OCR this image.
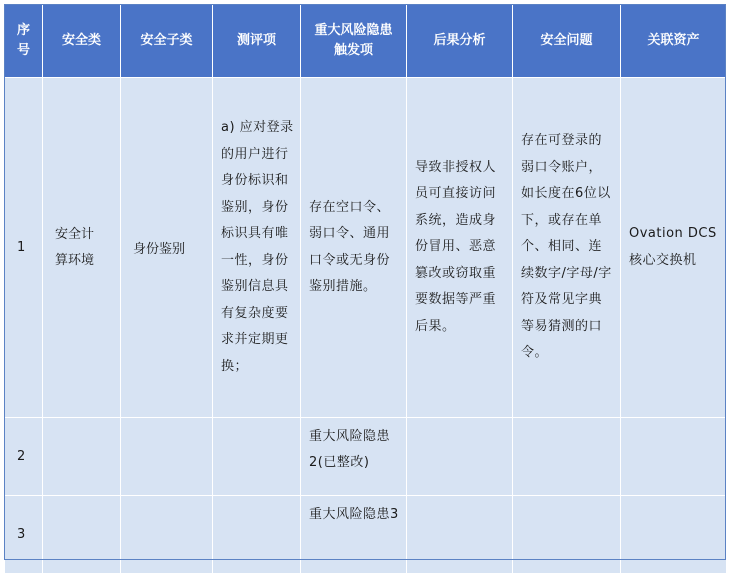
序号	安全类	安全子类	测评项	重大风险隐患触发项	后果分析	安全问题	关联资产
1	安全计算环境	身份鉴别	a) 应对登录的用户进行身份标识和鉴别，身份标识具有唯一性，身份鉴别信息具有复杂度要求并定期更换；	存在空口令、弱口令、通用口令或无身份鉴别措施。	导致非授权人员可直接访问系统，造成身份冒用、恶意篡改或窃取重要数据等严重后果。	存在可登录的弱口令账户，如长度在6位以下，或存在单个、相同、连续数字/字母/字符及常见字典等易猜测的口令。	Ovation DCS 核心交换机
2				重大风险隐患2(已整改)			
3				重大风险隐患3			
